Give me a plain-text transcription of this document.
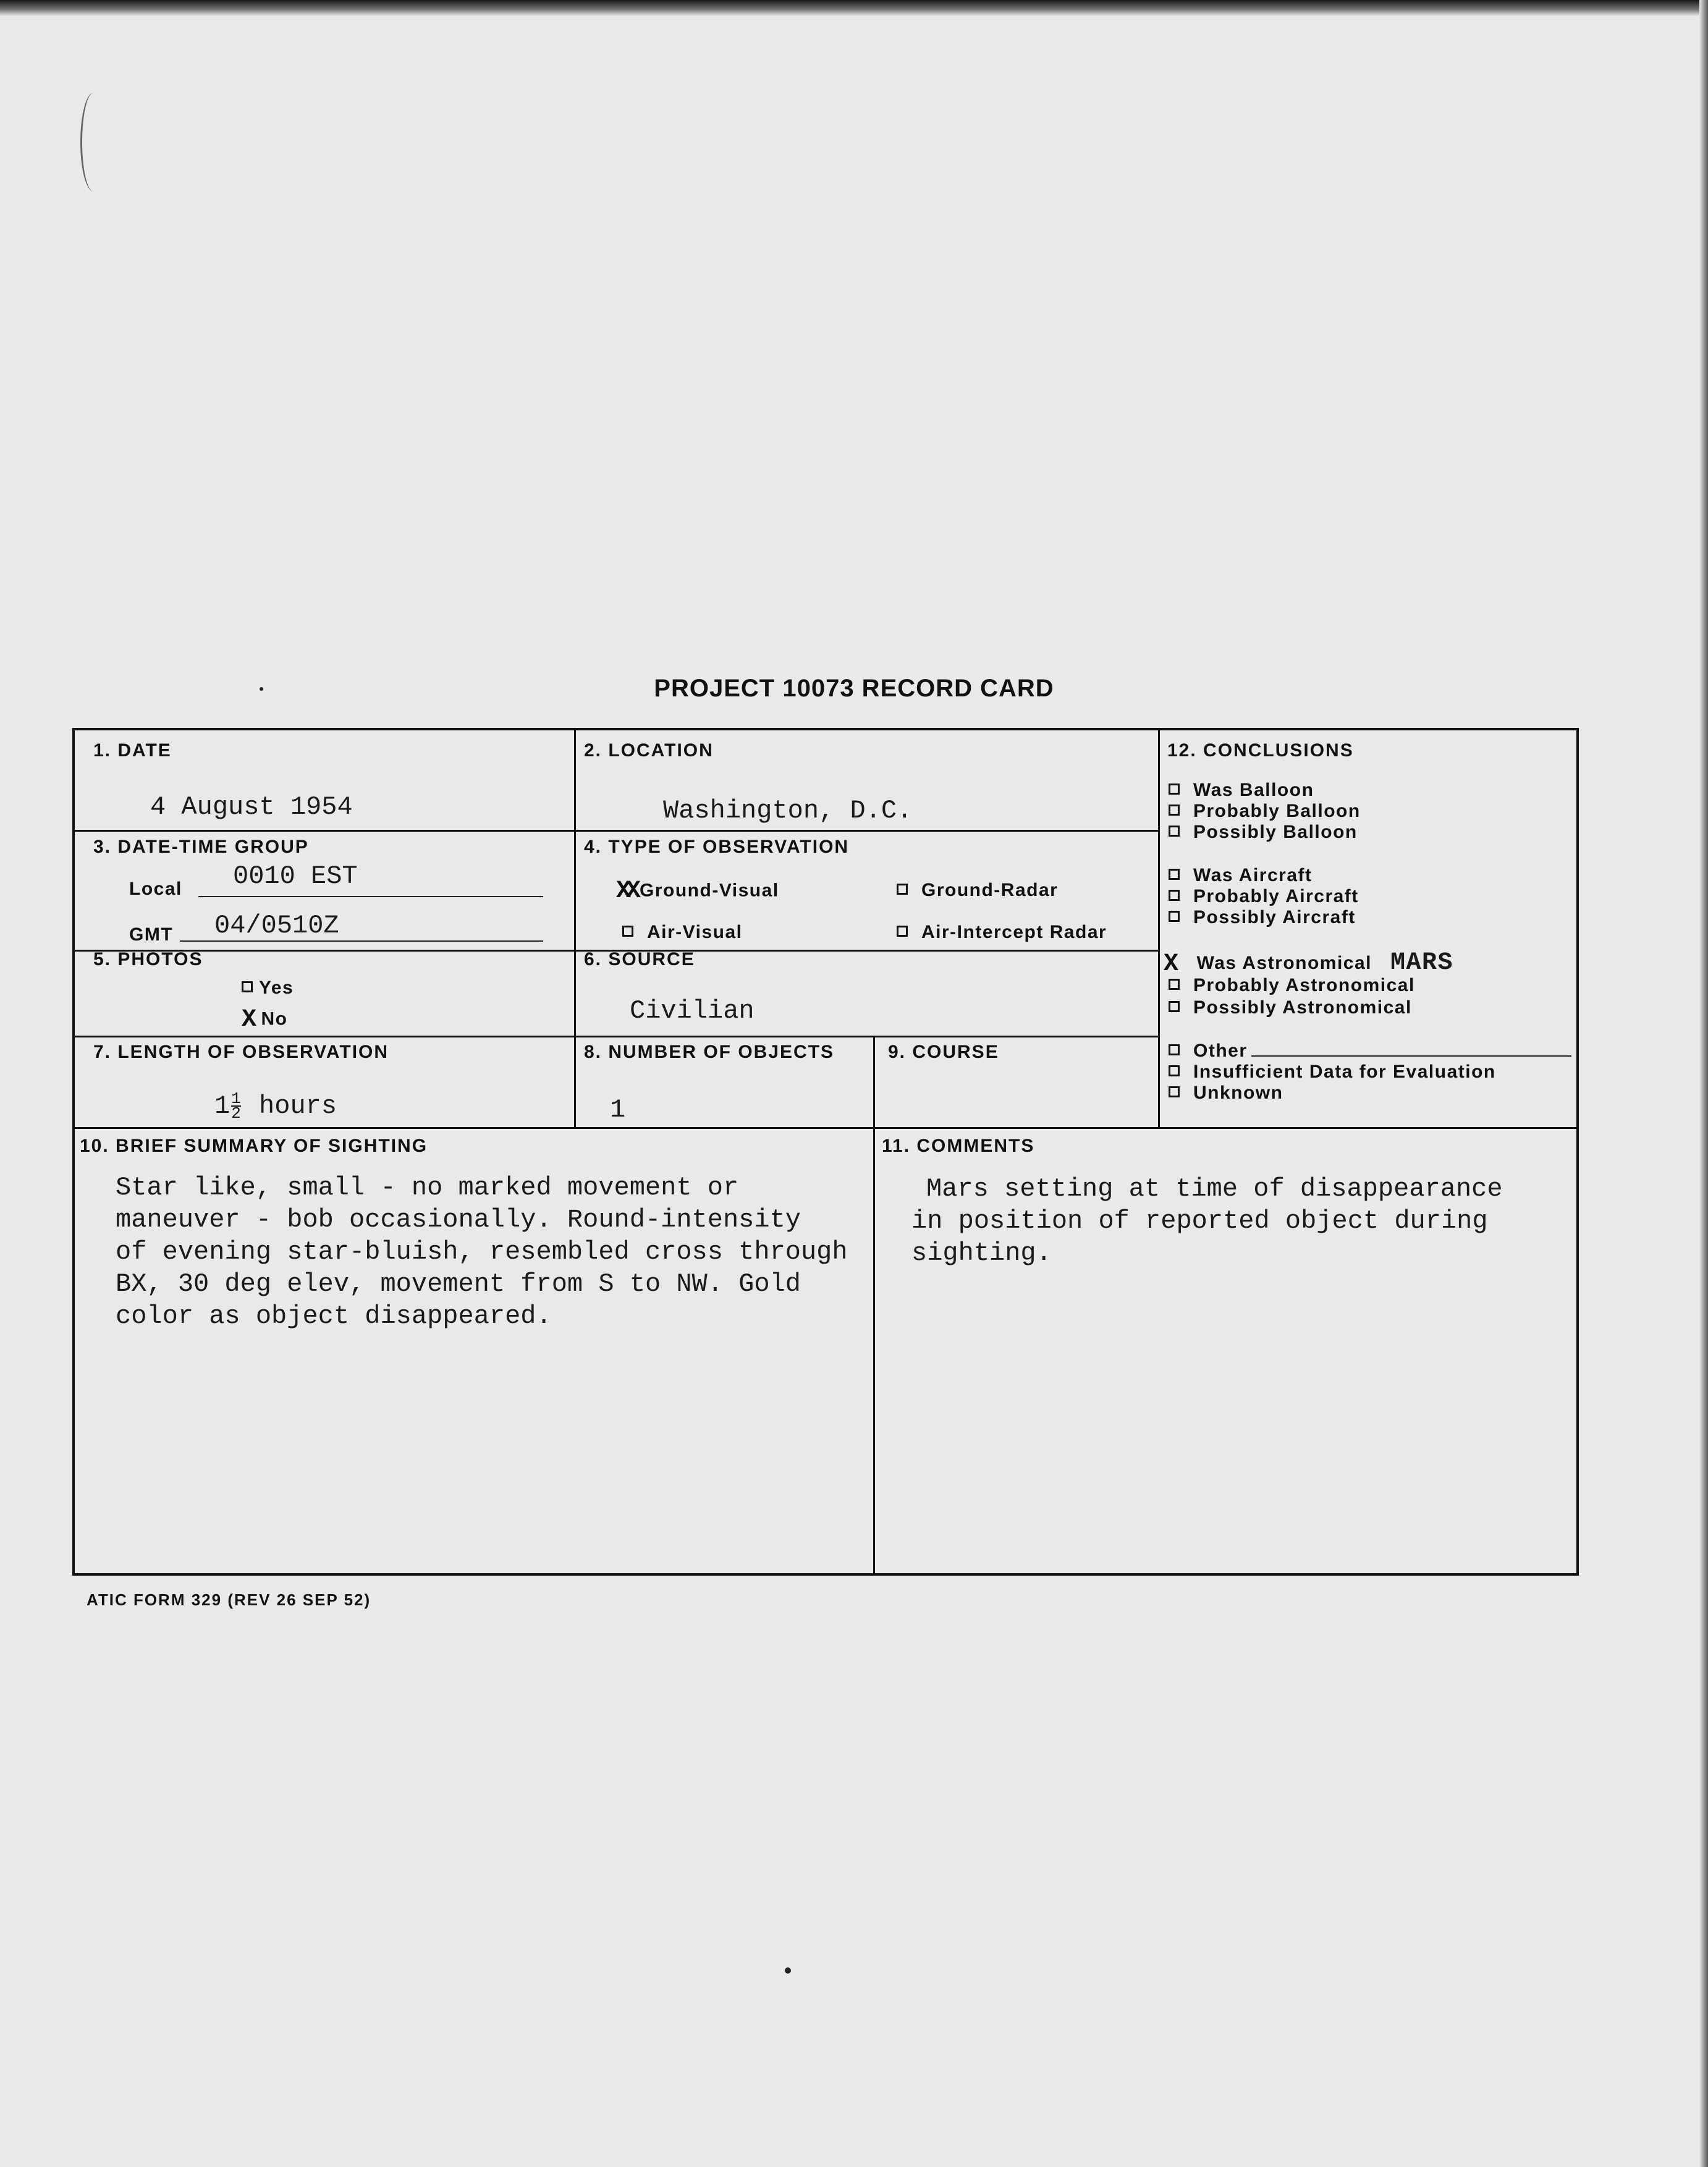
PROJECT 10073 RECORD CARD
1. DATE
4 August 1954
2. LOCATION
Washington, D.C.
3. DATE-TIME GROUP
Local 0010 EST
GMT 04/0510Z
4. TYPE OF OBSERVATION
XX Ground-Visual	Ground-Radar
Air-Visual	Air-Intercept Radar
5. PHOTOS
Yes
X No
6. SOURCE
Civilian
7. LENGTH OF OBSERVATION
$1 \frac{1}{2}$ hours
8. NUMBER OF OBJECTS
1
9. COURSE
12. CONCLUSIONS
Was Balloon
Probably Balloon
Possibly Balloon
Was Aircraft
Probably Aircraft
Possibly Aircraft
X Was Astronomical MARS
Probably Astronomical
Possibly Astronomical
Other
Insufficient Data for Evaluation
Unknown
10. BRIEF SUMMARY OF SIGHTING
Star like, small - no marked movement or
maneuver - bob occasionally. Round-intensity
of evening star-bluish, resembled cross through
BX, 30 deg elev, movement from S to NW. Gold
color as object disappeared.
11. COMMENTS
Mars setting at time of disappearance
in position of reported object during
sighting.
ATIC FORM 329 (REV 26 SEP 52)
